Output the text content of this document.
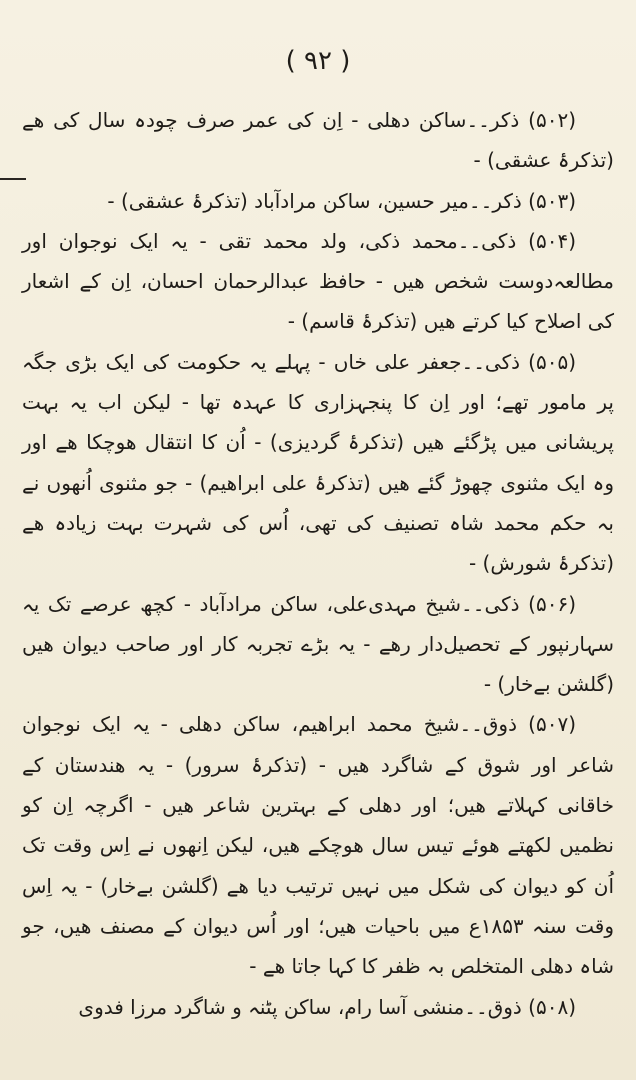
( ۹۲ )

(۵۰۲) ذکر۔۔ساکن دھلی - اِن کی عمر صرف چودہ سال کی ھے (تذکرۂ عشقی) -

(۵۰۳) ذکر۔۔میر حسین، ساکن مرادآباد (تذکرۂ عشقی) -

(۵۰۴) ذکی۔۔محمد ذکی، ولد محمد تقی - یہ ایک نوجوان اور مطالعہ‌دوست شخص ھیں - حافظ عبدالرحمان احسان، اِن کے اشعار کی اصلاح کیا کرتے ھیں (تذکرۂ قاسم) -

(۵۰۵) ذکی۔۔جعفر علی خاں - پہلے یہ حکومت کی ایک بڑی جگہ پر مامور تھے؛ اور اِن کا پنجہزاری کا عہدہ تھا - لیکن اب یہ بہت پریشانی میں پڑگئے ھیں (تذکرۂ گردیزی) - اُن کا انتقال ھوچکا ھے اور وہ ایک مثنوی چھوڑ گئے ھیں (تذکرۂ علی ابراھیم) - جو مثنوی اُنھوں نے بہ حکم محمد شاہ تصنیف کی تھی، اُس کی شہرت بہت زیادہ ھے (تذکرۂ شورش) -

(۵۰۶) ذکی۔۔شیخ مہدی‌علی، ساکن مرادآباد - کچھ عرصے تک یہ سہارنپور کے تحصیل‌دار رھے - یہ بڑے تجربہ کار اور صاحب دیوان ھیں (گلشن بےخار) -

(۵۰۷) ذوق۔۔شیخ محمد ابراھیم، ساکن دھلی - یہ ایک نوجوان شاعر اور شوق کے شاگرد ھیں - (تذکرۂ سرور) - یہ ھندستان کے خاقانی کہلاتے ھیں؛ اور دھلی کے بہترین شاعر ھیں - اگرچہ اِن کو نظمیں لکھتے ھوئے تیس سال ھوچکے ھیں، لیکن اِنھوں نے اِس وقت تک اُن کو دیوان کی شکل میں نہیں ترتیب دیا ھے (گلشن بےخار) - یہ اِس وقت سنہ ۱۸۵۳ع میں باحیات ھیں؛ اور اُس دیوان کے مصنف ھیں، جو شاہ دھلی المتخلص بہ ظفر کا کہا جاتا ھے -

(۵۰۸) ذوق۔۔منشی آسا رام، ساکن پٹنہ و شاگرد مرزا فدوی
